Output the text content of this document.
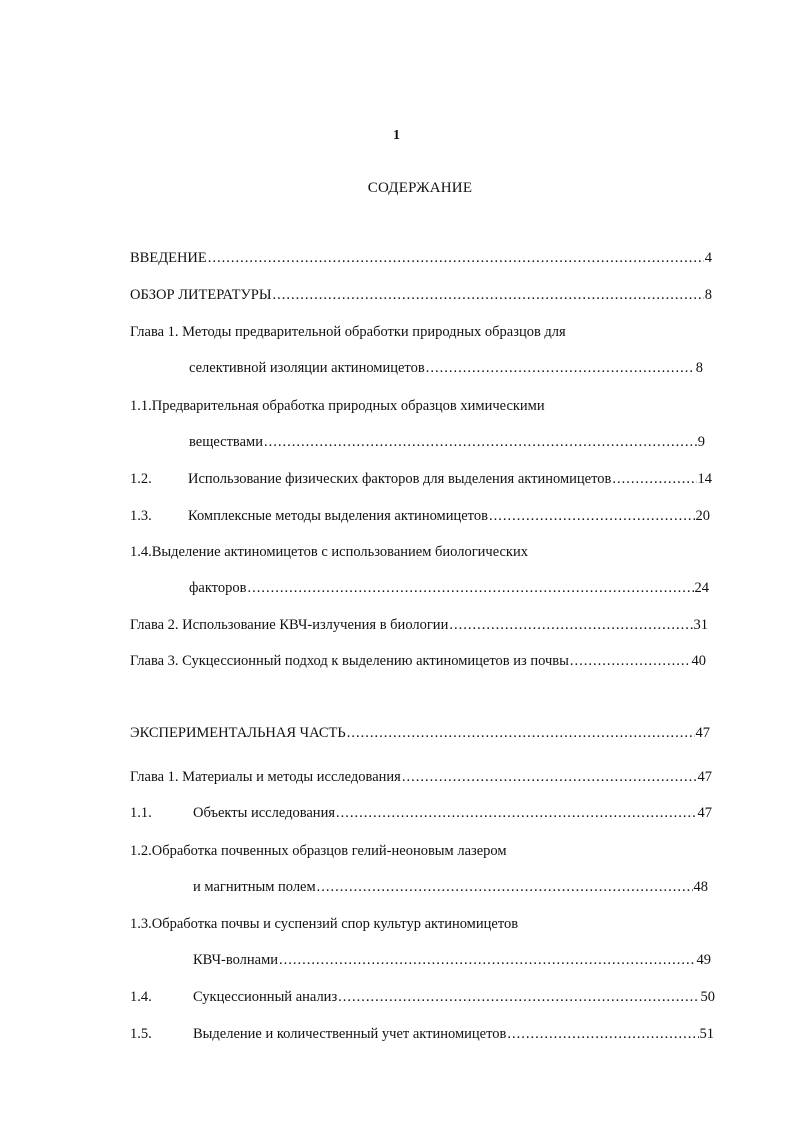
1
СОДЕРЖАНИЕ
ВВЕДЕНИЕ .....	4
ОБЗОР ЛИТЕРАТУРЫ .....	8
Глава 1. Методы предварительной обработки природных образцов для
селективной изоляции актиномицетов .....	8
1.1.Предварительная обработка природных образцов химическими
веществами .....	9
1.2.	Использование физических факторов для выделения актиномицетов .....	14
1.3.	Комплексные методы выделения актиномицетов .....	20
1.4.Выделение актиномицетов с использованием биологических
факторов .....	24
Глава 2. Использование КВЧ-излучения в биологии .....	31
Глава 3. Сукцессионный подход к выделению актиномицетов из почвы .....	40
ЭКСПЕРИМЕНТАЛЬНАЯ ЧАСТЬ .....	47
Глава 1. Материалы и методы исследования .....	47
1.1.	Объекты исследования .....	47
1.2.Обработка почвенных образцов гелий-неоновым лазером
и магнитным полем .....	48
1.3.Обработка почвы и суспензий спор культур актиномицетов
КВЧ-волнами .....	49
1.4.	Сукцессионный анализ .....	50
1.5.	Выделение и количественный учет актиномицетов .....	51
